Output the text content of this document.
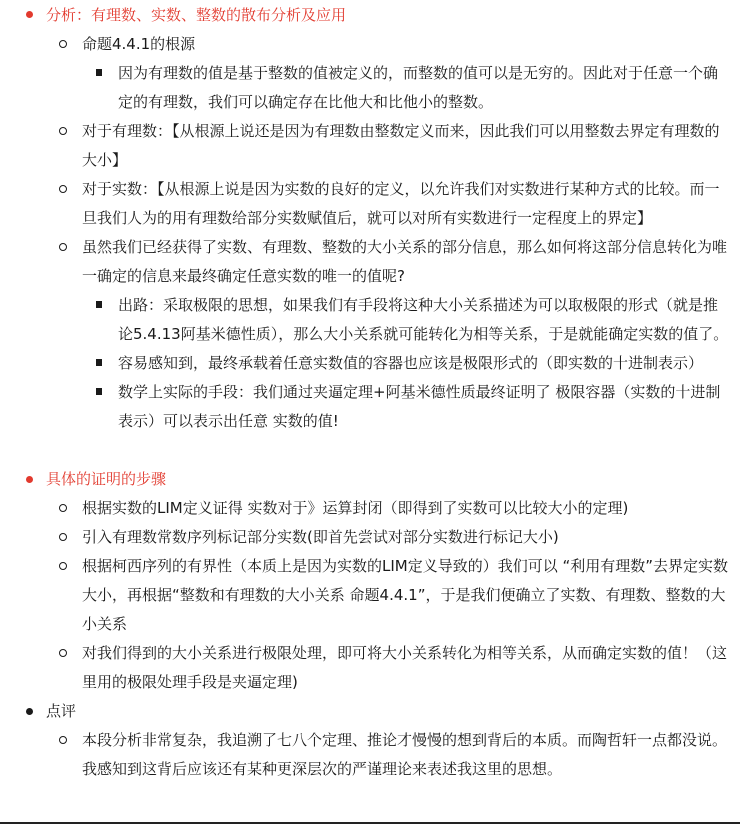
分析：有理数、实数、整数的散布分析及应用
命题4.4.1的根源
因为有理数的值是基于整数的值被定义的，而整数的值可以是无穷的。因此对于任意一个确定的有理数，我们可以确定存在比他大和比他小的整数。
对于有理数：【从根源上说还是因为有理数由整数定义而来，因此我们可以用整数去界定有理数的大小】
对于实数：【从根源上说是因为实数的良好的定义，以允许我们对实数进行某种方式的比较。而一旦我们人为的用有理数给部分实数赋值后，就可以对所有实数进行一定程度上的界定】
虽然我们已经获得了实数、有理数、整数的大小关系的部分信息，那么如何将这部分信息转化为唯一确定的信息来最终确定任意实数的唯一的值呢?
出路：采取极限的思想，如果我们有手段将这种大小关系描述为可以取极限的形式（就是推论5.4.13阿基米德性质），那么大小关系就可能转化为相等关系，于是就能确定实数的值了。
容易感知到，最终承载着任意实数值的容器也应该是极限形式的（即实数的十进制表示）
数学上实际的手段：我们通过夹逼定理+阿基米德性质最终证明了 极限容器（实数的十进制表示）可以表示出任意 实数的值!
具体的证明的步骤
根据实数的LIM定义证得 实数对于》运算封闭（即得到了实数可以比较大小的定理)
引入有理数常数序列标记部分实数(即首先尝试对部分实数进行标记大小)
根据柯西序列的有界性（本质上是因为实数的LIM定义导致的）我们可以 “利用有理数”去界定实数大小，再根据“整数和有理数的大小关系 命题4.4.1”，于是我们便确立了实数、有理数、整数的大小关系
对我们得到的大小关系进行极限处理，即可将大小关系转化为相等关系，从而确定实数的值！（这里用的极限处理手段是夹逼定理)
点评
本段分析非常复杂，我追溯了七八个定理、推论才慢慢的想到背后的本质。而陶哲轩一点都没说。我感知到这背后应该还有某种更深层次的严谨理论来表述我这里的思想。
